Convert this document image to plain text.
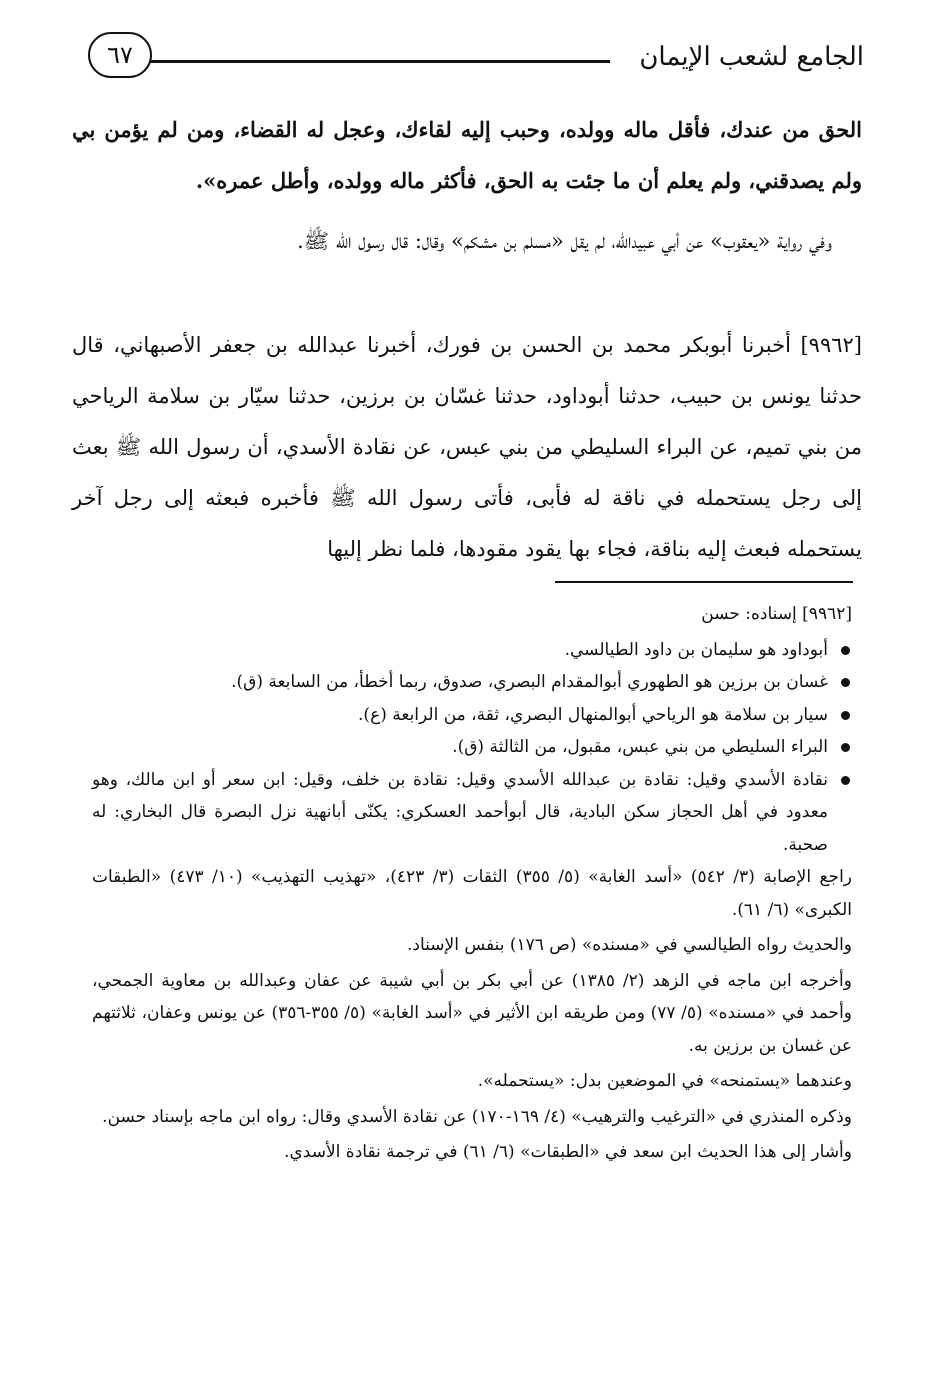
الجامع لشعب الإيمان
٦٧

الحق من عندك، فأقل ماله وولده، وحبب إليه لقاءك، وعجل له القضاء، ومن لم يؤمن بي ولم يصدقني، ولم يعلم أن ما جئت به الحق، فأكثر ماله وولده، وأطل عمره».

وفي رواية «يعقوب» عن أبي عبيدالله، لم يقل «مسلم بن مشكم» وقال: قال رسول الله ﷺ.

[٩٩٦٢] أخبرنا أبوبكر محمد بن الحسن بن فورك، أخبرنا عبدالله بن جعفر الأصبهاني، قال حدثنا يونس بن حبيب، حدثنا أبوداود، حدثنا غسّان بن برزين، حدثنا سيّار بن سلامة الرياحي من بني تميم، عن البراء السليطي من بني عبس، عن نقادة الأسدي، أن رسول الله ﷺ بعث إلى رجل يستحمله في ناقة له فأبى، فأتى رسول الله ﷺ فأخبره فبعثه إلى رجل آخر يستحمله فبعث إليه بناقة، فجاء بها يقود مقودها، فلما نظر إليها

[٩٩٦٢] إسناده: حسن

أبوداود هو سليمان بن داود الطيالسي.
غسان بن برزين هو الطهوري أبوالمقدام البصري، صدوق، ربما أخطأ، من السابعة (ق).
سيار بن سلامة هو الرياحي أبوالمنهال البصري، ثقة، من الرابعة (ع).
البراء السليطي من بني عبس، مقبول، من الثالثة (ق).
نقادة الأسدي وقيل: نقادة بن عبدالله الأسدي وقيل: نقادة بن خلف، وقيل: ابن سعر أو ابن مالك، وهو معدود في أهل الحجاز سكن البادية، قال أبوأحمد العسكري: يكنّى أبانهية نزل البصرة قال البخاري: له صحبة.

راجع الإصابة (٣/ ٥٤٢) «أسد الغابة» (٥/ ٣٥٥) الثقات (٣/ ٤٢٣)، «تهذيب التهذيب» (١٠/ ٤٧٣) «الطبقات الكبرى» (٦/ ٦١).

والحديث رواه الطيالسي في «مسنده» (ص ١٧٦) بنفس الإسناد.

وأخرجه ابن ماجه في الزهد (٢/ ١٣٨٥) عن أبي بكر بن أبي شيبة عن عفان وعبدالله بن معاوية الجمحي، وأحمد في «مسنده» (٥/ ٧٧) ومن طريقه ابن الأثير في «أسد الغابة» (٥/ ٣٥٥-٣٥٦) عن يونس وعفان، ثلاثتهم عن غسان بن برزين به.

وعندهما «يستمنحه» في الموضعين بدل: «يستحمله».

وذكره المنذري في «الترغيب والترهيب» (٤/ ١٦٩-١٧٠) عن نقادة الأسدي وقال: رواه ابن ماجه بإسناد حسن.

وأشار إلى هذا الحديث ابن سعد في «الطبقات» (٦/ ٦١) في ترجمة نقادة الأسدي.
